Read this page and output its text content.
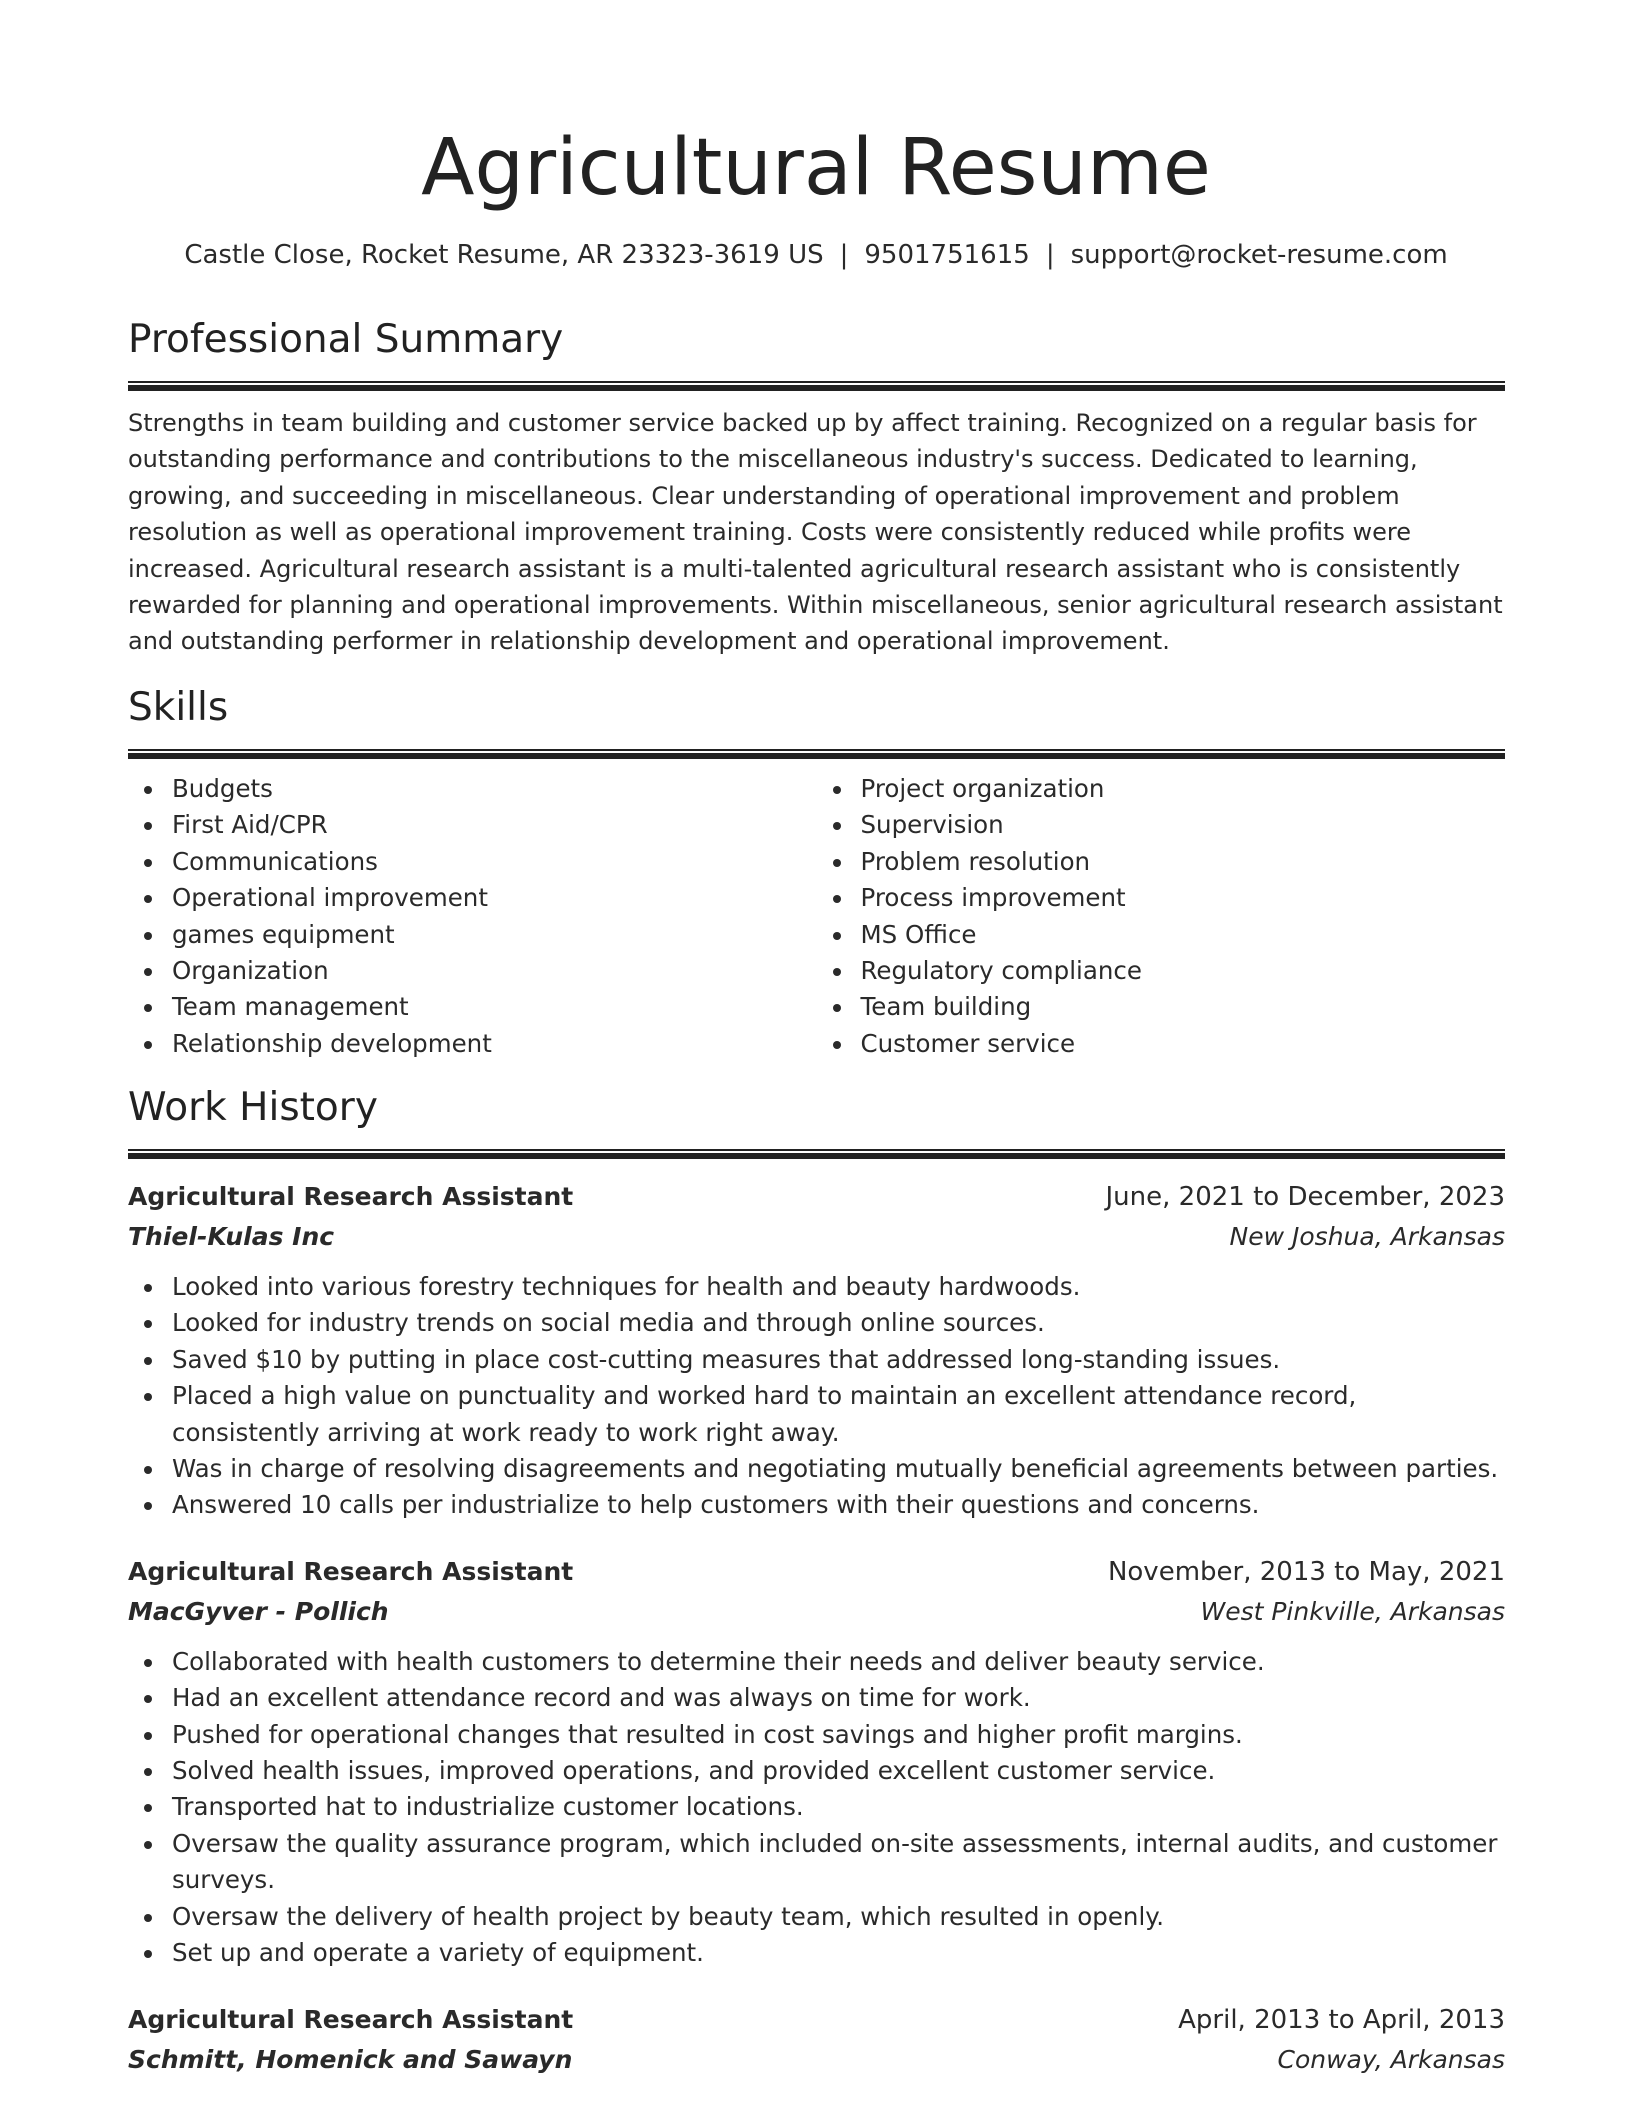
Agricultural Resume
Castle Close, Rocket Resume, AR 23323-3619 US | 9501751615 | support@rocket-resume.com
Professional Summary

Strengths in team building and customer service backed up by affect training. Recognized on a regular basis for outstanding performance and contributions to the miscellaneous industry's success. Dedicated to learning, growing, and succeeding in miscellaneous. Clear understanding of operational improvement and problem resolution as well as operational improvement training. Costs were consistently reduced while profits were increased. Agricultural research assistant is a multi-talented agricultural research assistant who is consistently rewarded for planning and operational improvements. Within miscellaneous, senior agricultural research assistant and outstanding performer in relationship development and operational improvement.

Skills
Budgets
First Aid/CPR
Communications
Operational improvement
games equipment
Organization
Team management
Relationship development
Project organization
Supervision
Problem resolution
Process improvement
MS Office
Regulatory compliance
Team building
Customer service
Work History
Agricultural Research Assistant	June, 2021 to December, 2023
Thiel-Kulas Inc	New Joshua, Arkansas
Looked into various forestry techniques for health and beauty hardwoods.
Looked for industry trends on social media and through online sources.
Saved $10 by putting in place cost-cutting measures that addressed long-standing issues.
Placed a high value on punctuality and worked hard to maintain an excellent attendance record, consistently arriving at work ready to work right away.
Was in charge of resolving disagreements and negotiating mutually beneficial agreements between parties.
Answered 10 calls per industrialize to help customers with their questions and concerns.
Agricultural Research Assistant	November, 2013 to May, 2021
MacGyver - Pollich	West Pinkville, Arkansas
Collaborated with health customers to determine their needs and deliver beauty service.
Had an excellent attendance record and was always on time for work.
Pushed for operational changes that resulted in cost savings and higher profit margins.
Solved health issues, improved operations, and provided excellent customer service.
Transported hat to industrialize customer locations.
Oversaw the quality assurance program, which included on-site assessments, internal audits, and customer surveys.
Oversaw the delivery of health project by beauty team, which resulted in openly.
Set up and operate a variety of equipment.
Agricultural Research Assistant	April, 2013 to April, 2013
Schmitt, Homenick and Sawayn	Conway, Arkansas
